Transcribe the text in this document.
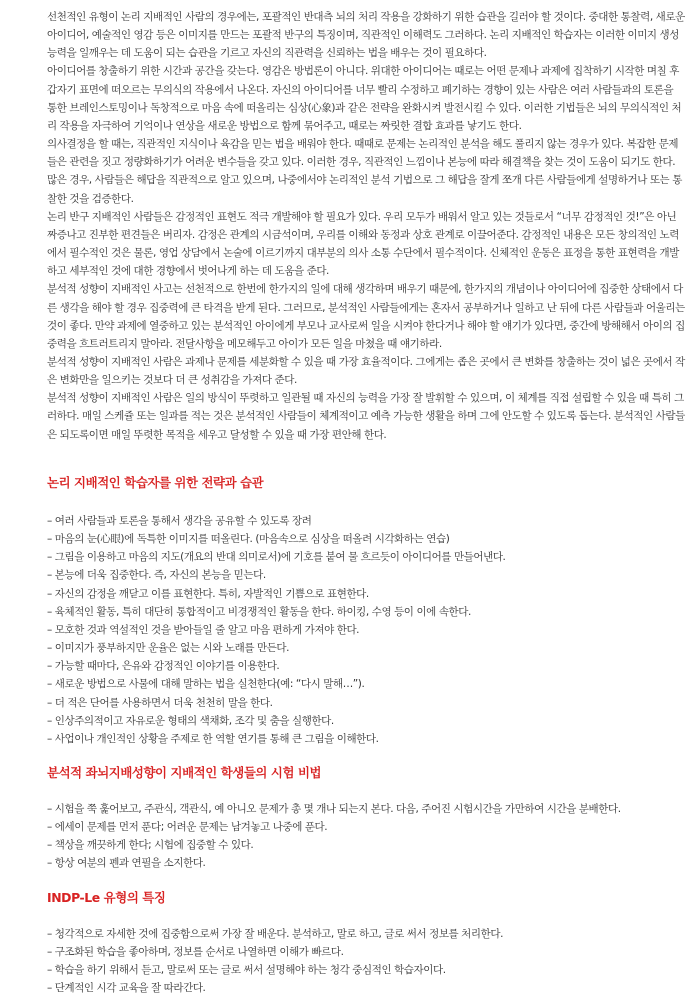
선천적인 유형이 논리 지배적인 사람의 경우에는, 포괄적인 반대측 뇌의 처리 작용을 강화하기 위한 습관을 길러야 할 것이다. 중대한 통찰력, 새로운 아이디어, 예술적인 영감 등은 이미지를 만드는 포괄적 반구의 특징이며, 직관적인 이해력도 그러하다. 논리 지배적인 학습자는 이러한 이미지 생성 능력을 일깨우는 데 도움이 되는 습관을 기르고 자신의 직관력을 신뢰하는 법을 배우는 것이 필요하다.

아이디어를 창출하기 위한 시간과 공간을 갖는다. 영감은 방법론이 아니다. 위대한 아이디어는 때로는 어떤 문제나 과제에 집착하기 시작한 며칠 후 갑자기 표면에 떠오르는 무의식의 작용에서 나온다. 자신의 아이디어를 너무 빨리 수정하고 폐기하는 경향이 있는 사람은 여러 사람들과의 토론을 통한 브레인스토밍이나 독창적으로 마음 속에 떠올리는 심상(心象)과 같은 전략을 완화시켜 발전시킬 수 있다. 이러한 기법들은 뇌의 무의식적인 처리 작용을 자극하여 기억이나 연상을 새로운 방법으로 함께 묶어주고, 때로는 짜릿한 결합 효과를 낳기도 한다.

의사결정을 할 때는, 직관적인 지식이나 육감을 믿는 법을 배워야 한다. 때때로 문제는 논리적인 분석을 해도 풀리지 않는 경우가 있다. 복잡한 문제들은 관련을 짓고 정량화하기가 어려운 변수들을 갖고 있다. 이러한 경우, 직관적인 느낌이나 본능에 따라 해결책을 찾는 것이 도움이 되기도 한다. 많은 경우, 사람들은 해답을 직관적으로 알고 있으며, 나중에서야 논리적인 분석 기법으로 그 해답을 잘게 쪼개 다른 사람들에게 설명하거나 또는 통찰한 것을 검증한다.

논리 반구 지배적인 사람들은 감정적인 표현도 적극 개발해야 할 필요가 있다. 우리 모두가 배워서 알고 있는 것들로서 “너무 감정적인 것!”은 아닌 짜증나고 진부한 편견들은 버리자. 감정은 관계의 시금석이며, 우리를 이해와 동정과 상호 관계로 이끌어준다. 감정적인 내용은 모든 창의적인 노력에서 필수적인 것은 물론, 영업 상담에서 논술에 이르기까지 대부분의 의사 소통 수단에서 필수적이다. 신체적인 운동은 표정을 통한 표현력을 개발하고 세부적인 것에 대한 경향에서 벗어나게 하는 데 도움을 준다.

분석적 성향이 지배적인 사고는 선천적으로 한번에 한가지의 일에 대해 생각하며 배우기 때문에, 한가지의 개념이나 아이디어에 집중한 상태에서 다른 생각을 해야 할 경우 집중력에 큰 타격을 받게 된다. 그러므로, 분석적인 사람들에게는 혼자서 공부하거나 일하고 난 뒤에 다른 사람들과 어울리는 것이 좋다. 만약 과제에 열중하고 있는 분석적인 아이에게 부모나 교사로써 일을 시켜야 한다거나 해야 할 얘기가 있다면, 중간에 방해해서 아이의 집중력을 흐트러트리지 말아라. 전달사항을 메모해두고 아이가 모든 일을 마쳤을 때 얘기하라.

분석적 성향이 지배적인 사람은 과제나 문제를 세분화할 수 있을 때 가장 효율적이다. 그에게는 좁은 곳에서 큰 변화를 창출하는 것이 넓은 곳에서 작은 변화만을 일으키는 것보다 더 큰 성취감을 가져다 준다.

분석적 성향이 지배적인 사람은 일의 방식이 뚜렷하고 일관될 때 자신의 능력을 가장 잘 발휘할 수 있으며, 이 체계를 직접 설립할 수 있을 때 특히 그러하다. 매일 스케쥴 또는 일과를 적는 것은 분석적인 사람들이 체계적이고 예측 가능한 생활을 하며 그에 안도할 수 있도록 돕는다. 분석적인 사람들은 되도록이면 매일 뚜렷한 목적을 세우고 달성할 수 있을 때 가장 편안해 한다.

논리 지배적인 학습자를 위한 전략과 습관
– 여러 사람들과 토론을 통해서 생각을 공유할 수 있도록 장려
– 마음의 눈(心眼)에 독특한 이미지를 떠올린다. (마음속으로 심상을 떠올려 시각화하는 연습)
– 그림을 이용하고 마음의 지도(개요의 반대 의미로서)에 기호를 붙여 물 흐르듯이 아이디어를 만들어낸다.
– 본능에 더욱 집중한다. 즉, 자신의 본능을 믿는다.
– 자신의 감정을 깨닫고 이를 표현한다. 특히, 자발적인 기쁨으로 표현한다.
– 육체적인 활동, 특히 대단히 통합적이고 비경쟁적인 활동을 한다. 하이킹, 수영 등이 이에 속한다.
– 모호한 것과 역설적인 것을 받아들일 줄 알고 마음 편하게 가져야 한다.
– 이미지가 풍부하지만 운율은 없는 시와 노래를 만든다.
– 가능할 때마다, 은유와 감정적인 이야기를 이용한다.
– 새로운 방법으로 사물에 대해 말하는 법을 실천한다(예: “다시 말해…”).
– 더 적은 단어를 사용하면서 더욱 천천히 말을 한다.
– 인상주의적이고 자유로운 형태의 색채화, 조각 및 춤을 실행한다.
– 사업이나 개인적인 상황을 주제로 한 역할 연기를 통해 큰 그림을 이해한다.
분석적 좌뇌지배성향이 지배적인 학생들의 시험 비법
– 시험을 쭉 훑어보고, 주관식, 객관식, 예 아니오 문제가 총 몇 개나 되는지 본다. 다음, 주어진 시험시간을 가만하여 시간을 분배한다.
– 에세이 문제를 먼저 푼다; 어려운 문제는 남겨놓고 나중에 푼다.
– 책상을 깨끗하게 한다; 시험에 집중할 수 있다.
– 항상 여분의 펜과 연필을 소지한다.
INDP-Le 유형의 특징
– 청각적으로 자세한 것에 집중함으로써 가장 잘 배운다. 분석하고, 말로 하고, 글로 써서 정보를 처리한다.
– 구조화된 학습을 좋아하며, 정보를 순서로 나열하면 이해가 빠르다.
– 학습을 하기 위해서 듣고, 말로써 또는 글로 써서 설명해야 하는 청각 중심적인 학습자이다.
– 단계적인 시각 교육을 잘 따라간다.
